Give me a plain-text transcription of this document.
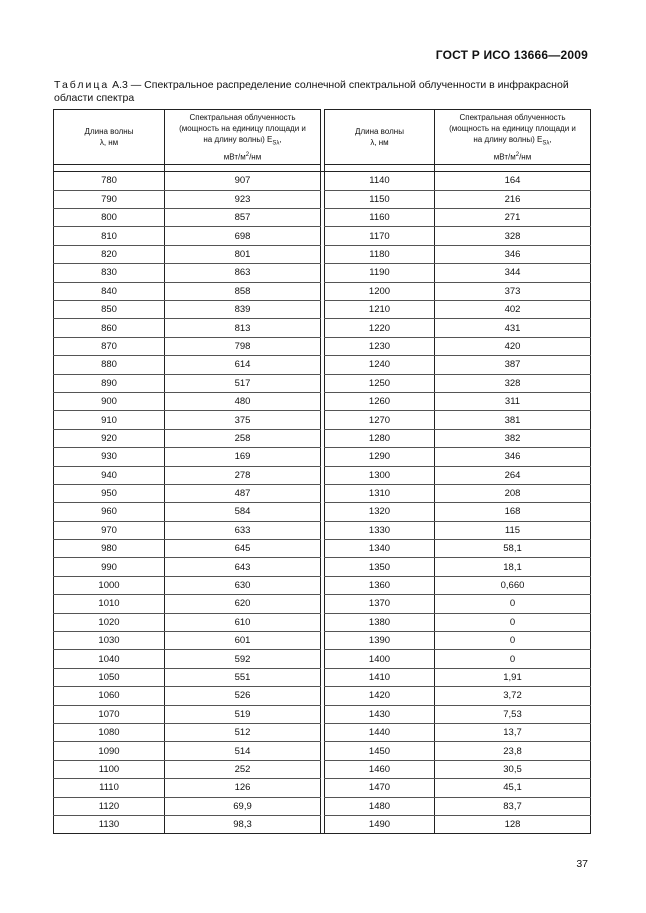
ГОСТ Р ИСО 13666—2009
Таблица А.3 — Спектральное распределение солнечной спектральной облученности в инфракрасной области спектра
Длина волны
λ, нм	Спектральная облученность
(мощность на единицу площади и
на длину волны) $E_{S\lambda}$,
мВт/$м^2/нм$		Длина волны
λ, нм	Спектральная облученность
(мощность на единицу площади и
на длину волны) $E_{S\lambda}$,
мВт/$м^2/нм$

780	907		1140	164
790	923		1150	216
800	857		1160	271
810	698		1170	328
820	801		1180	346
830	863		1190	344
840	858		1200	373
850	839		1210	402
860	813		1220	431
870	798		1230	420
880	614		1240	387
890	517		1250	328
900	480		1260	311
910	375		1270	381
920	258		1280	382
930	169		1290	346
940	278		1300	264
950	487		1310	208
960	584		1320	168
970	633		1330	115
980	645		1340	58,1
990	643		1350	18,1
1000	630		1360	0,660
1010	620		1370	0
1020	610		1380	0
1030	601		1390	0
1040	592		1400	0
1050	551		1410	1,91
1060	526		1420	3,72
1070	519		1430	7,53
1080	512		1440	13,7
1090	514		1450	23,8
1100	252		1460	30,5
1110	126		1470	45,1
1120	69,9		1480	83,7
1130	98,3		1490	128
37
